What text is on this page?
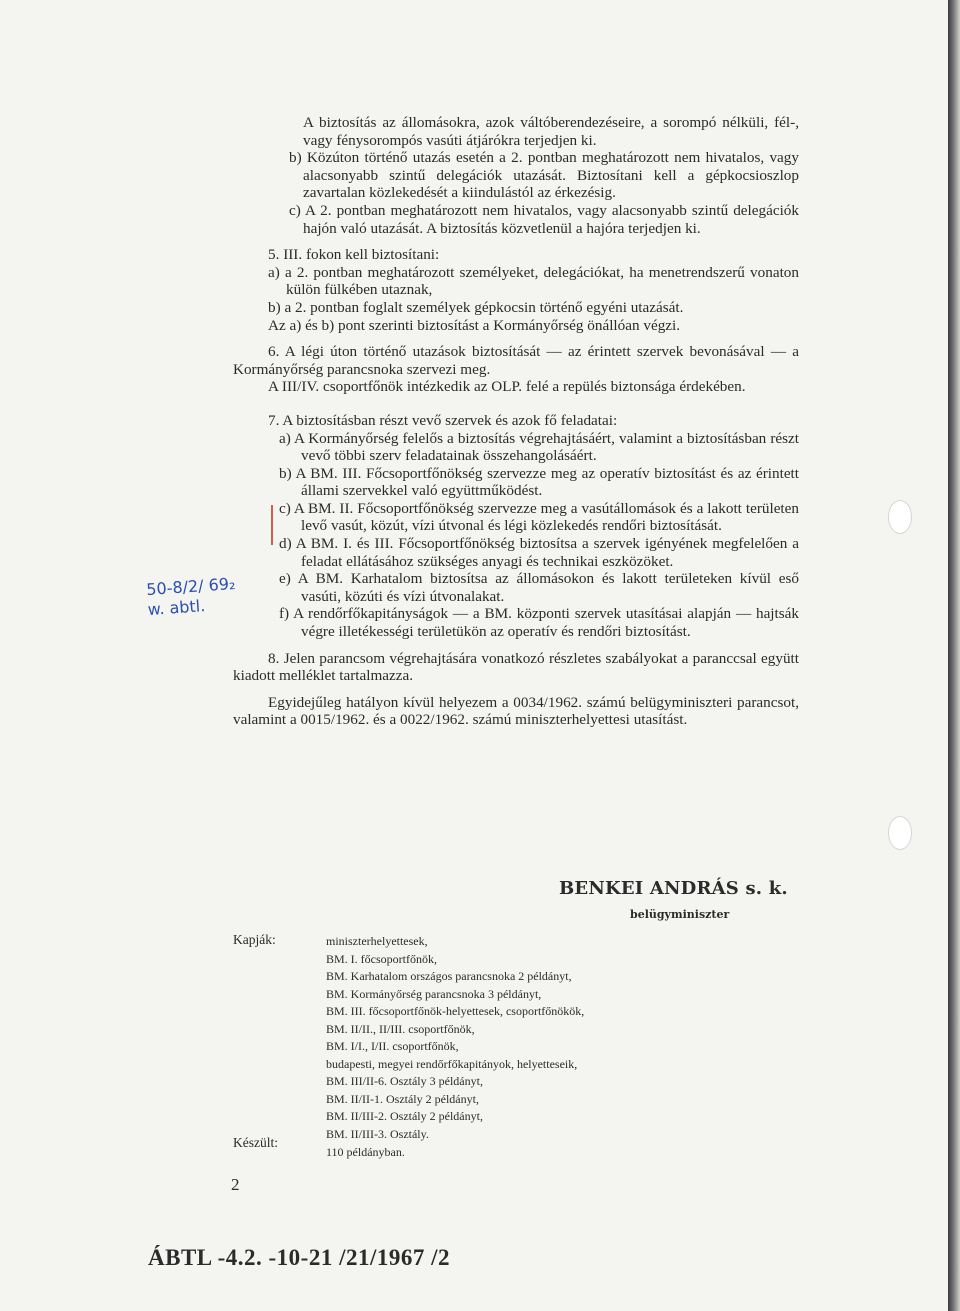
50-8/2/ 69₂
w. abtl.

A biztosítás az állomásokra, azok váltóberendezéseire, a sorompó nélküli, fél-, vagy fénysorompós vasúti átjárókra terjedjen ki.

b) Közúton történő utazás esetén a 2. pontban meghatározott nem hivatalos, vagy alacsonyabb szintű delegációk utazását. Biztosítani kell a gépkocsioszlop zavartalan közlekedését a kiindulástól az érkezésig.

c) A 2. pontban meghatározott nem hivatalos, vagy alacsonyabb szintű delegációk hajón való utazását. A biztosítás közvetlenül a hajóra terjedjen ki.

5. III. fokon kell biztosítani:

a) a 2. pontban meghatározott személyeket, delegációkat, ha menetrendszerű vonaton külön fülkében utaznak,

b) a 2. pontban foglalt személyek gépkocsin történő egyéni utazását.

Az a) és b) pont szerinti biztosítást a Kormányőrség önállóan végzi.

6. A légi úton történő utazások biztosítását — az érintett szervek bevonásával — a Kormányőrség parancsnoka szervezi meg.

A III/IV. csoportfőnök intézkedik az OLP. felé a repülés biztonsága érdekében.

7. A biztosításban részt vevő szervek és azok fő feladatai:

a) A Kormányőrség felelős a biztosítás végrehajtásáért, valamint a biztosításban részt vevő többi szerv feladatainak összehangolásáért.

b) A BM. III. Főcsoportfőnökség szervezze meg az operatív biztosítást és az érintett állami szervekkel való együttműködést.

c) A BM. II. Főcsoportfőnökség szervezze meg a vasútállomások és a lakott területen levő vasút, közút, vízi útvonal és légi közlekedés rendőri biztosítását.

d) A BM. I. és III. Főcsoportfőnökség biztosítsa a szervek igényének megfelelően a feladat ellátásához szükséges anyagi és technikai eszközöket.

e) A BM. Karhatalom biztosítsa az állomásokon és lakott területeken kívül eső vasúti, közúti és vízi útvonalakat.

f) A rendőrfőkapitányságok — a BM. központi szervek utasításai alapján — hajtsák végre illetékességi területükön az operatív és rendőri biztosítást.

8. Jelen parancsom végrehajtására vonatkozó részletes szabályokat a paranccsal együtt kiadott melléklet tartalmazza.

Egyidejűleg hatályon kívül helyezem a 0034/1962. számú belügyminiszteri parancsot, valamint a 0015/1962. és a 0022/1962. számú miniszterhelyettesi utasítást.

BENKEI ANDRÁS s. k.
belügyminiszter
Kapják:	miniszterhelyettesek,
BM. I. főcsoportfőnök,
BM. Karhatalom országos parancsnoka 2 példányt,
BM. Kormányőrség parancsnoka 3 példányt,
BM. III. főcsoportfőnök-helyettesek, csoportfőnökök,
BM. II/II., II/III. csoportfőnök,
BM. I/I., I/II. csoportfőnök,
budapesti, megyei rendőrfőkapitányok, helyetteseik,
BM. III/II-6. Osztály 3 példányt,
BM. II/II-1. Osztály 2 példányt,
BM. II/III-2. Osztály 2 példányt,
BM. II/III-3. Osztály.
110 példányban.
Készült:
2
ÁBTL -4.2. -10-21 /21/1967 /2
